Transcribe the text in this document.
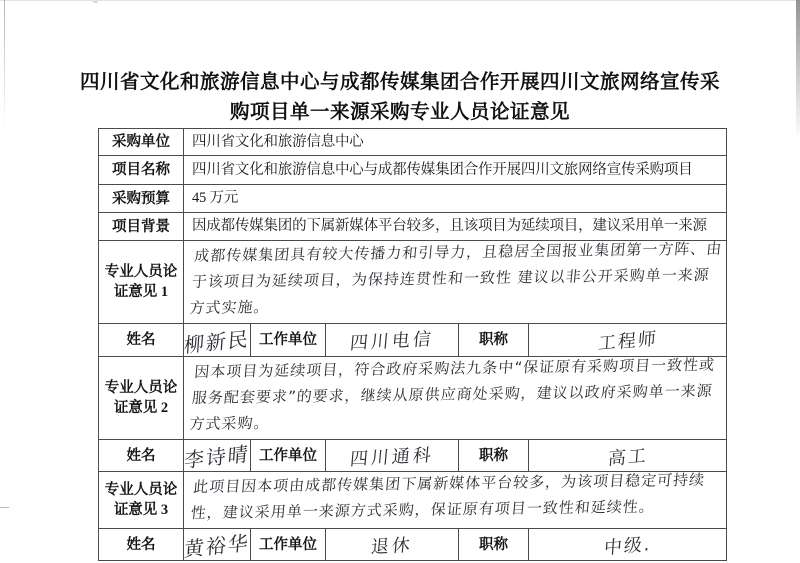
四川省文化和旅游信息中心与成都传媒集团合作开展四川文旅网络宣传采
购项目单一来源采购专业人员论证意见
采购单位	四川省文化和旅游信息中心				
项目名称	四川省文化和旅游信息中心与成都传媒集团合作开展四川文旅网络宣传采购项目				
采购预算	45 万元				
项目背景	因成都传媒集团的下属新媒体平台较多，且该项目为延续项目，建议采用单一来源				
专业人员论证意见 1	成都传媒集团具有较大传播力和引导力，且稳居全国报业集团第一方阵、由于该项目为延续项目，为保持连贯性和一致性 建议以非公开采购单一来源方式实施。				

姓名	柳新民	工作单位	四川电信	职称	工程师
专业人员论证意见 2	因本项目为延续项目，符合政府采购法九条中“保证原有采购项目一致性或服务配套要求”的要求，继续从原供应商处采购，建议以政府采购单一来源方式采购。				

姓名	李诗晴	工作单位	四川通科	职称	高工
专业人员论证意见 3	此项目因本项由成都传媒集团下属新媒体平台较多，为该项目稳定可持续性，建议采用单一来源方式采购，保证原有项目一致性和延续性。				

姓名	黄裕华	工作单位	退休	职称	中级.
